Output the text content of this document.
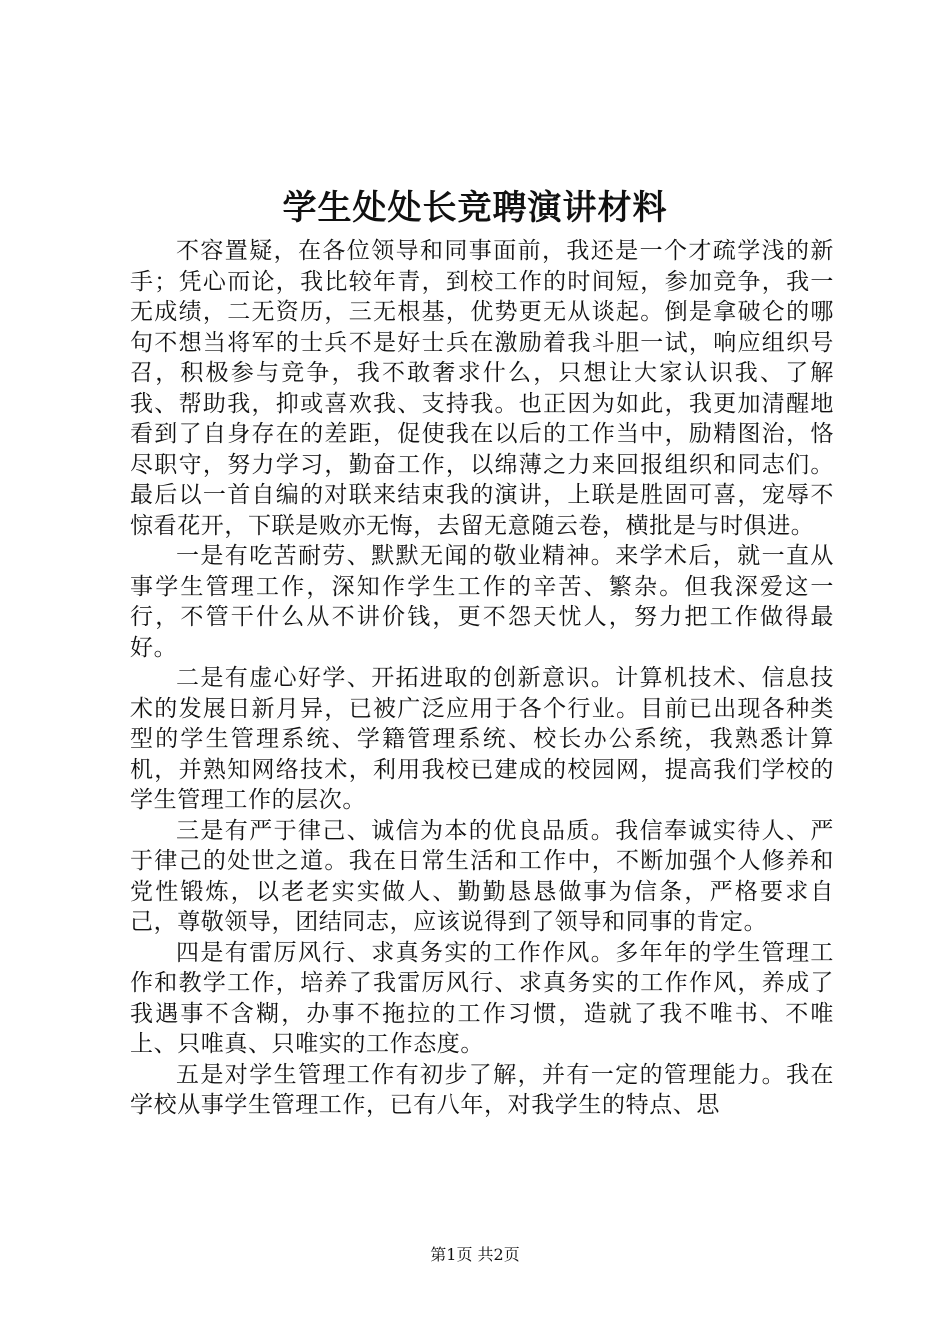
学生处处长竞聘演讲材料

不容置疑，在各位领导和同事面前，我还是一个才疏学浅的新手；凭心而论，我比较年青，到校工作的时间短，参加竞争，我一无成绩，二无资历，三无根基，优势更无从谈起。倒是拿破仑的哪句不想当将军的士兵不是好士兵在激励着我斗胆一试，响应组织号召，积极参与竞争，我不敢奢求什么，只想让大家认识我、了解我、帮助我，抑或喜欢我、支持我。也正因为如此，我更加清醒地看到了自身存在的差距，促使我在以后的工作当中，励精图治，恪尽职守，努力学习，勤奋工作，以绵薄之力来回报组织和同志们。最后以一首自编的对联来结束我的演讲，上联是胜固可喜，宠辱不惊看花开，下联是败亦无悔，去留无意随云卷，横批是与时俱进。

一是有吃苦耐劳、默默无闻的敬业精神。来学术后，就一直从事学生管理工作，深知作学生工作的辛苦、繁杂。但我深爱这一行，不管干什么从不讲价钱，更不怨天忧人，努力把工作做得最好。

二是有虚心好学、开拓进取的创新意识。计算机技术、信息技术的发展日新月异，已被广泛应用于各个行业。目前已出现各种类型的学生管理系统、学籍管理系统、校长办公系统，我熟悉计算机，并熟知网络技术，利用我校已建成的校园网，提高我们学校的学生管理工作的层次。

三是有严于律己、诚信为本的优良品质。我信奉诚实待人、严于律己的处世之道。我在日常生活和工作中，不断加强个人修养和党性锻炼，以老老实实做人、勤勤恳恳做事为信条，严格要求自己，尊敬领导，团结同志，应该说得到了领导和同事的肯定。

四是有雷厉风行、求真务实的工作作风。多年年的学生管理工作和教学工作，培养了我雷厉风行、求真务实的工作作风，养成了我遇事不含糊，办事不拖拉的工作习惯，造就了我不唯书、不唯上、只唯真、只唯实的工作态度。

五是对学生管理工作有初步了解，并有一定的管理能力。我在学校从事学生管理工作，已有八年，对我学生的特点、思

第1页 共2页
